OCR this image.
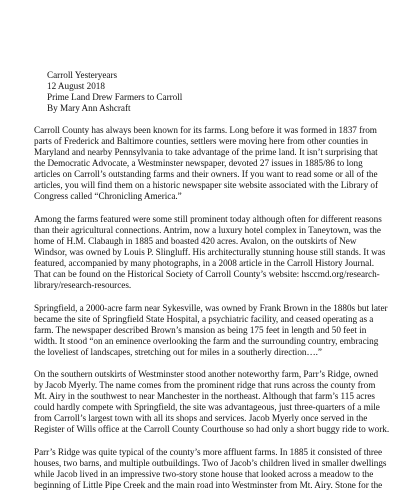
Carroll Yesteryears
12 August 2018
Prime Land Drew Farmers to Carroll
By Mary Ann Ashcraft
Carroll County has always been known for its farms. Long before it was formed in 1837 from
parts of Frederick and Baltimore counties, settlers were moving here from other counties in
Maryland and nearby Pennsylvania to take advantage of the prime land. It isn’t surprising that
the Democratic Advocate, a Westminster newspaper, devoted 27 issues in 1885/86 to long
articles on Carroll’s outstanding farms and their owners. If you want to read some or all of the
articles, you will find them on a historic newspaper site website associated with the Library of
Congress called “Chronicling America.”
Among the farms featured were some still prominent today although often for different reasons
than their agricultural connections. Antrim, now a luxury hotel complex in Taneytown, was the
home of H.M. Clabaugh in 1885 and boasted 420 acres. Avalon, on the outskirts of New
Windsor, was owned by Louis P. Slingluff. His architecturally stunning house still stands. It was
featured, accompanied by many photographs, in a 2008 article in the Carroll History Journal.
That can be found on the Historical Society of Carroll County’s website: hsccmd.org/research-
library/research-resources.
Springfield, a 2000-acre farm near Sykesville, was owned by Frank Brown in the 1880s but later
became the site of Springfield State Hospital, a psychiatric facility, and ceased operating as a
farm. The newspaper described Brown’s mansion as being 175 feet in length and 50 feet in
width. It stood “on an eminence overlooking the farm and the surrounding country, embracing
the loveliest of landscapes, stretching out for miles in a southerly direction….”
On the southern outskirts of Westminster stood another noteworthy farm, Parr’s Ridge, owned
by Jacob Myerly. The name comes from the prominent ridge that runs across the county from
Mt. Airy in the southwest to near Manchester in the northeast. Although that farm’s 115 acres
could hardly compete with Springfield, the site was advantageous, just three-quarters of a mile
from Carroll’s largest town with all its shops and services. Jacob Myerly once served in the
Register of Wills office at the Carroll County Courthouse so had only a short buggy ride to work.
Parr’s Ridge was quite typical of the county’s more affluent farms. In 1885 it consisted of three
houses, two barns, and multiple outbuildings. Two of Jacob’s children lived in smaller dwellings
while Jacob lived in an impressive two-story stone house that looked across a meadow to the
beginning of Little Pipe Creek and the main road into Westminster from Mt. Airy. Stone for the
